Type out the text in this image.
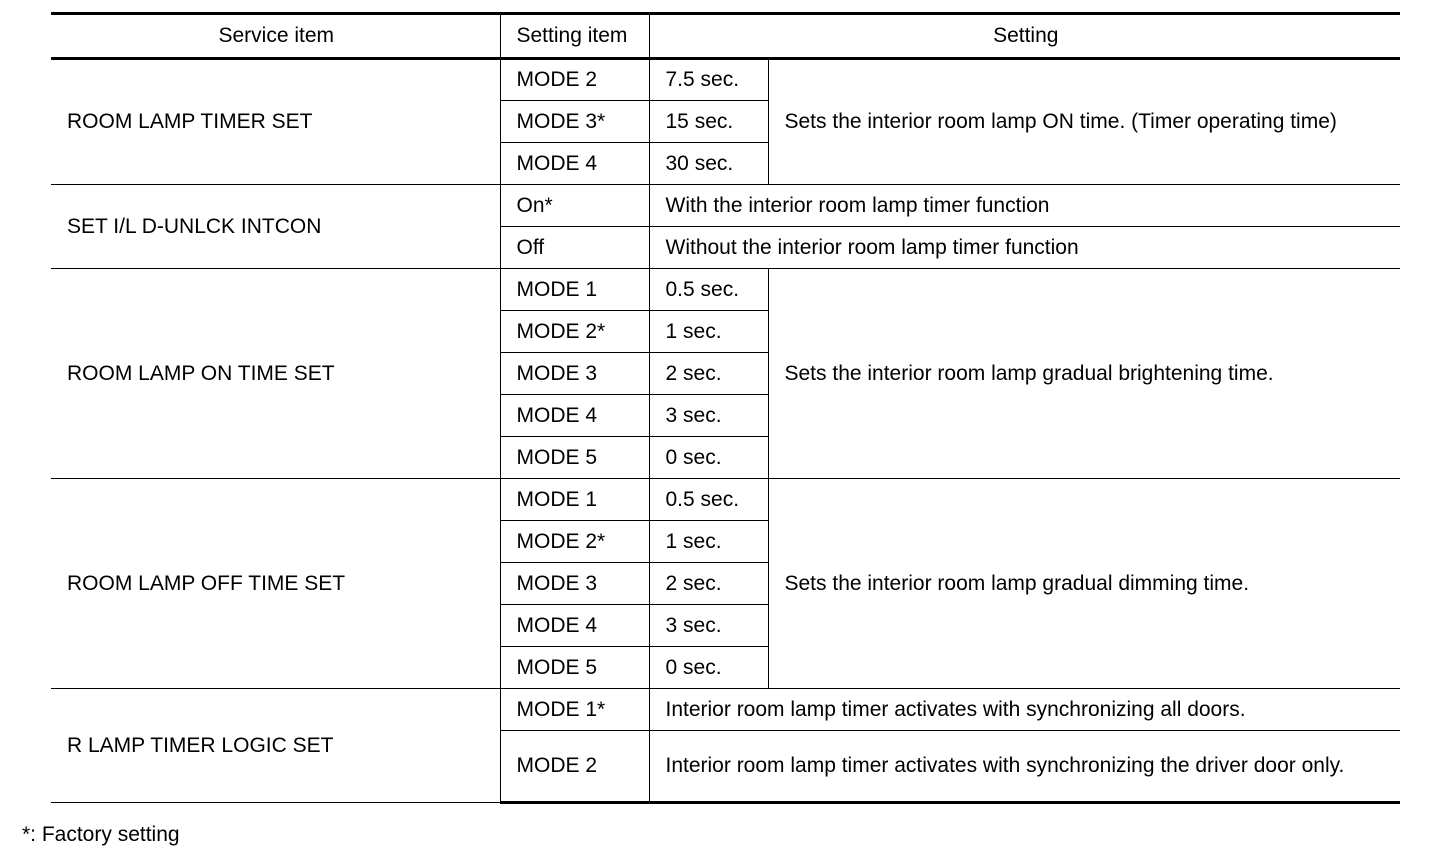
Service item	Setting item	Setting	
ROOM LAMP TIMER SET	MODE 2	7.5 sec.	Sets the interior room lamp ON time. (Timer operating time)
	MODE 3*	15 sec.	
	MODE 4	30 sec.	
SET I/L D-UNLCK INTCON	On*	With the interior room lamp timer function	
	Off	Without the interior room lamp timer function	
ROOM LAMP ON TIME SET	MODE 1	0.5 sec.	Sets the interior room lamp gradual brightening time.
	MODE 2*	1 sec.	
	MODE 3	2 sec.	
	MODE 4	3 sec.	
	MODE 5	0 sec.	
ROOM LAMP OFF TIME SET	MODE 1	0.5 sec.	Sets the interior room lamp gradual dimming time.
	MODE 2*	1 sec.	
	MODE 3	2 sec.	
	MODE 4	3 sec.	
	MODE 5	0 sec.	
R LAMP TIMER LOGIC SET	MODE 1*	Interior room lamp timer activates with synchronizing all doors.	
	MODE 2	Interior room lamp timer activates with synchronizing the driver door only.	
*: Factory setting
